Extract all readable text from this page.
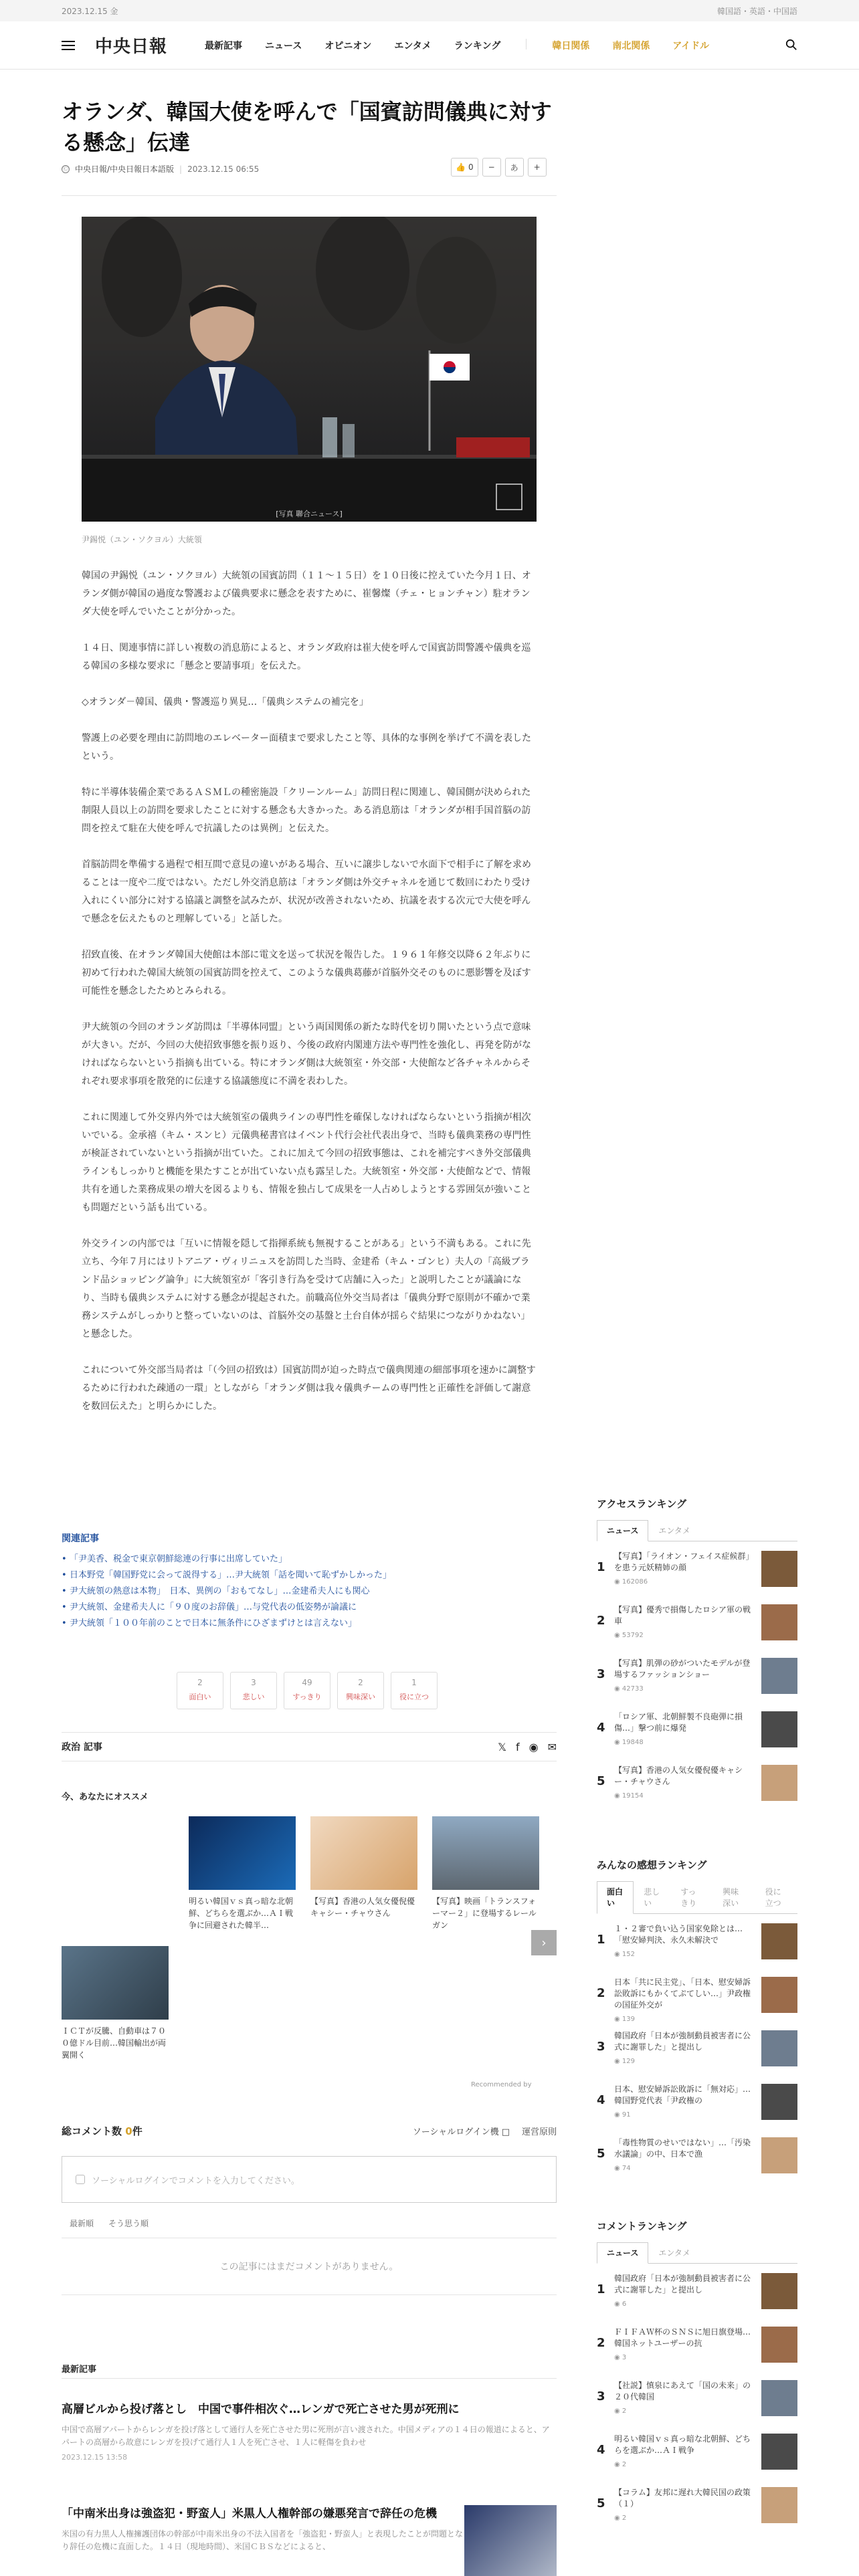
2023.12.15 金	韓国語・英語・中国語
中央日報	最新記事 ニュース オピニオン エンタメ ランキング	韓日関係 南北関係 アイドル
オランダ、韓国大使を呼んで「国賓訪問儀典に対する懸念」伝達
Ⓒ 中央日報/中央日報日本語版 | 2023.12.15 06:55	👍 0	−	あ	+
[写真 聯合ニュース]
尹錫悦（ユン・ソクヨル）大統領

韓国の尹錫悦（ユン・ソクヨル）大統領の国賓訪問（１１～１５日）を１０日後に控えていた今月１日、オランダ側が韓国の過度な警護および儀典要求に懸念を表すために、崔馨燦（チェ・ヒョンチャン）駐オランダ大使を呼んでいたことが分かった。

１４日、関連事情に詳しい複数の消息筋によると、オランダ政府は崔大使を呼んで国賓訪問警護や儀典を巡る韓国の多様な要求に「懸念と要請事項」を伝えた。

◇オランダ－韓国、儀典・警護巡り異見…「儀典システムの補完を」

警護上の必要を理由に訪問地のエレベーター面積まで要求したこと等、具体的な事例を挙げて不満を表したという。

特に半導体装備企業であるＡＳＭＬの種密施設「クリーンルーム」訪問日程に関連し、韓国側が決められた制限人員以上の訪問を要求したことに対する懸念も大きかった。ある消息筋は「オランダが相手国首脳の訪問を控えて駐在大使を呼んで抗議したのは異例」と伝えた。

首脳訪問を準備する過程で相互間で意見の違いがある場合、互いに譲歩しないで水面下で相手に了解を求めることは一度や二度ではない。ただし外交消息筋は「オランダ側は外交チャネルを通じて数回にわたり受け入れにくい部分に対する協議と調整を試みたが、状況が改善されないため、抗議を表する次元で大使を呼んで懸念を伝えたものと理解している」と話した。

招致直後、在オランダ韓国大使館は本部に電文を送って状況を報告した。１９６１年修交以降６２年ぶりに初めて行われた韓国大統領の国賓訪問を控えて、このような儀典葛藤が首脳外交そのものに悪影響を及ぼす可能性を懸念したためとみられる。

尹大統領の今回のオランダ訪問は「半導体同盟」という両国関係の新たな時代を切り開いたという点で意味が大きい。だが、今回の大使招致事態を振り返り、今後の政府内閣連方法や専門性を強化し、再発を防がなければならないという指摘も出ている。特にオランダ側は大統領室・外交部・大使館など各チャネルからそれぞれ要求事項を散発的に伝達する協議態度に不満を表わした。

これに関連して外交界内外では大統領室の儀典ラインの専門性を確保しなければならないという指摘が相次いでいる。金承禧（キム・スンヒ）元儀典秘書官はイベント代行会社代表出身で、当時も儀典業務の専門性が検証されていないという指摘が出ていた。これに加えて今回の招致事態は、これを補完すべき外交部儀典ラインもしっかりと機能を果たすことが出ていない点も露呈した。大統領室・外交部・大使館などで、情報共有を通した業務成果の増大を図るよりも、情報を独占して成果を一人占めしようとする雰囲気が強いことも問題だという話も出ている。

外交ラインの内部では「互いに情報を隠して指揮系統も無視することがある」という不満もある。これに先立ち、今年７月にはリトアニア・ヴィリニュスを訪問した当時、金建希（キム・ゴンヒ）夫人の「高級ブランド品ショッピング論争」に大統領室が「客引き行為を受けて店舗に入った」と説明したことが議論になり、当時も儀典システムに対する懸念が提起された。前職高位外交当局者は「儀典分野で原則が不確かで業務システムがしっかりと整っていないのは、首脳外交の基盤と土台自体が揺らぐ結果につながりかねない」と懸念した。

これについて外交部当局者は「（今回の招致は）国賓訪問が迫った時点で儀典関連の細部事項を速かに調整するために行われた疎通の一環」としながら「オランダ側は我々儀典チームの専門性と正確性を評価して謝意を数回伝えた」と明らかにした。

関連記事
• 「尹美香、税金で東京朝鮮総連の行事に出席していた」
• 日本野党「韓国野党に会って説得する」…尹大統領「話を聞いて恥ずかしかった」
• 尹大統領の熱意は本物」　日本、異例の「おもてなし」…金建希夫人にも関心
• 尹大統領、金建希夫人に「９０度のお辞儀」…与党代表の低姿勢が論議に
• 尹大統領「１００年前のことで日本に無条件にひざまずけとは言えない」
2
面白い
3
悲しい
49
すっきり
2
興味深い
1
役に立つ
政治 記事	𝕏 f ◉ ✉
今、あなたにオススメ
明るい韓国ｖｓ真っ暗な北朝鮮、どちらを選ぶか…ＡＩ戦争に回避された韓半…
【写真】香港の人気女優倪優キャシー・チャウさん
【写真】映画「トランスフォーマー２」に登場するレールガン
›
ＩＣＴが反騰、自動車は７００億ドル目前…韓国輸出が両翼開く
Recommended by
総コメント数 0件	ソーシャルログイン機 □ 運営原則
ソーシャルログインでコメントを入力してください。
最新順 そう思う順
この記事にはまだコメントがありません。
最新記事
高層ビルから投げ落とし　中国で事件相次ぐ…レンガで死亡させた男が死刑に
中国で高層アパートからレンガを投げ落として通行人を死亡させた男に死刑が言い渡された。中国メディアの１４日の報道によると、アパートの高層から故意にレンガを投げて通行人１人を死亡させ、１人に軽傷を負わせ
2023.12.15 13:58
「中南米出身は強盗犯・野蛮人」米黒人人権幹部の嫌悪発言で辞任の危機
米国の有力黒人人権擁護団体の幹部が中南米出身の不法入国者を「強盗犯・野蛮人」と表現したことが問題となり辞任の危機に直面した。１４日（現地時間）、米国ＣＢＳなどによると、
アクセスランキング
ニュース	エンタメ
1
【写真】「ライオン・フェイス症候群」を患う元妖精姉の顔
◉ 162086
2
【写真】優秀で損傷したロシア軍の戦車
◉ 53792
3
【写真】肌弾の砂がついたモデルが登場するファッションショー
◉ 42733
4
「ロシア軍、北朝鮮製不良砲弾に損傷…」撃つ前に爆発
◉ 19848
5
【写真】香港の人気女優倪優キャシー・チャウさん
◉ 19154
みんなの感想ランキング
面白い
悲しい
すっきり
興味深い
役に立つ
1
１・２審で負い込う国家免除とは…「慰安婦判決、永久未解決で
◉ 152
2
日本「共に民主党」、「日本、慰安婦訴訟敗訴にもかくてぷてしい…」尹政権の国征外交が
◉ 139
3
韓国政府「日本が強制動員被害者に公式に謝罪した」と提出し
◉ 129
4
日本、慰安婦訴訟敗訴に「無対応」…韓国野党代表「尹政権の
◉ 91
5
「毒性物質のせいではない」…「汚染水議論」の中、日本で漁
◉ 74
コメントランキング
ニュース	エンタメ
1
韓国政府「日本が強制動員被害者に公式に謝罪した」と提出し
◉ 6
2
ＦＩＦＡＷ杯のＳＮＳに旭日旗登場…韓国ネットユーザーの抗
◉ 3
3
【社説】慎泉にあえて「国の未来」の２０代韓国
◉ 2
4
明るい韓国ｖｓ真っ暗な北朝鮮、どちらを選ぶか…ＡＩ戦争
◉ 2
5
【コラム】友邦に遅れ大韓民国の政策（１）
◉ 2
